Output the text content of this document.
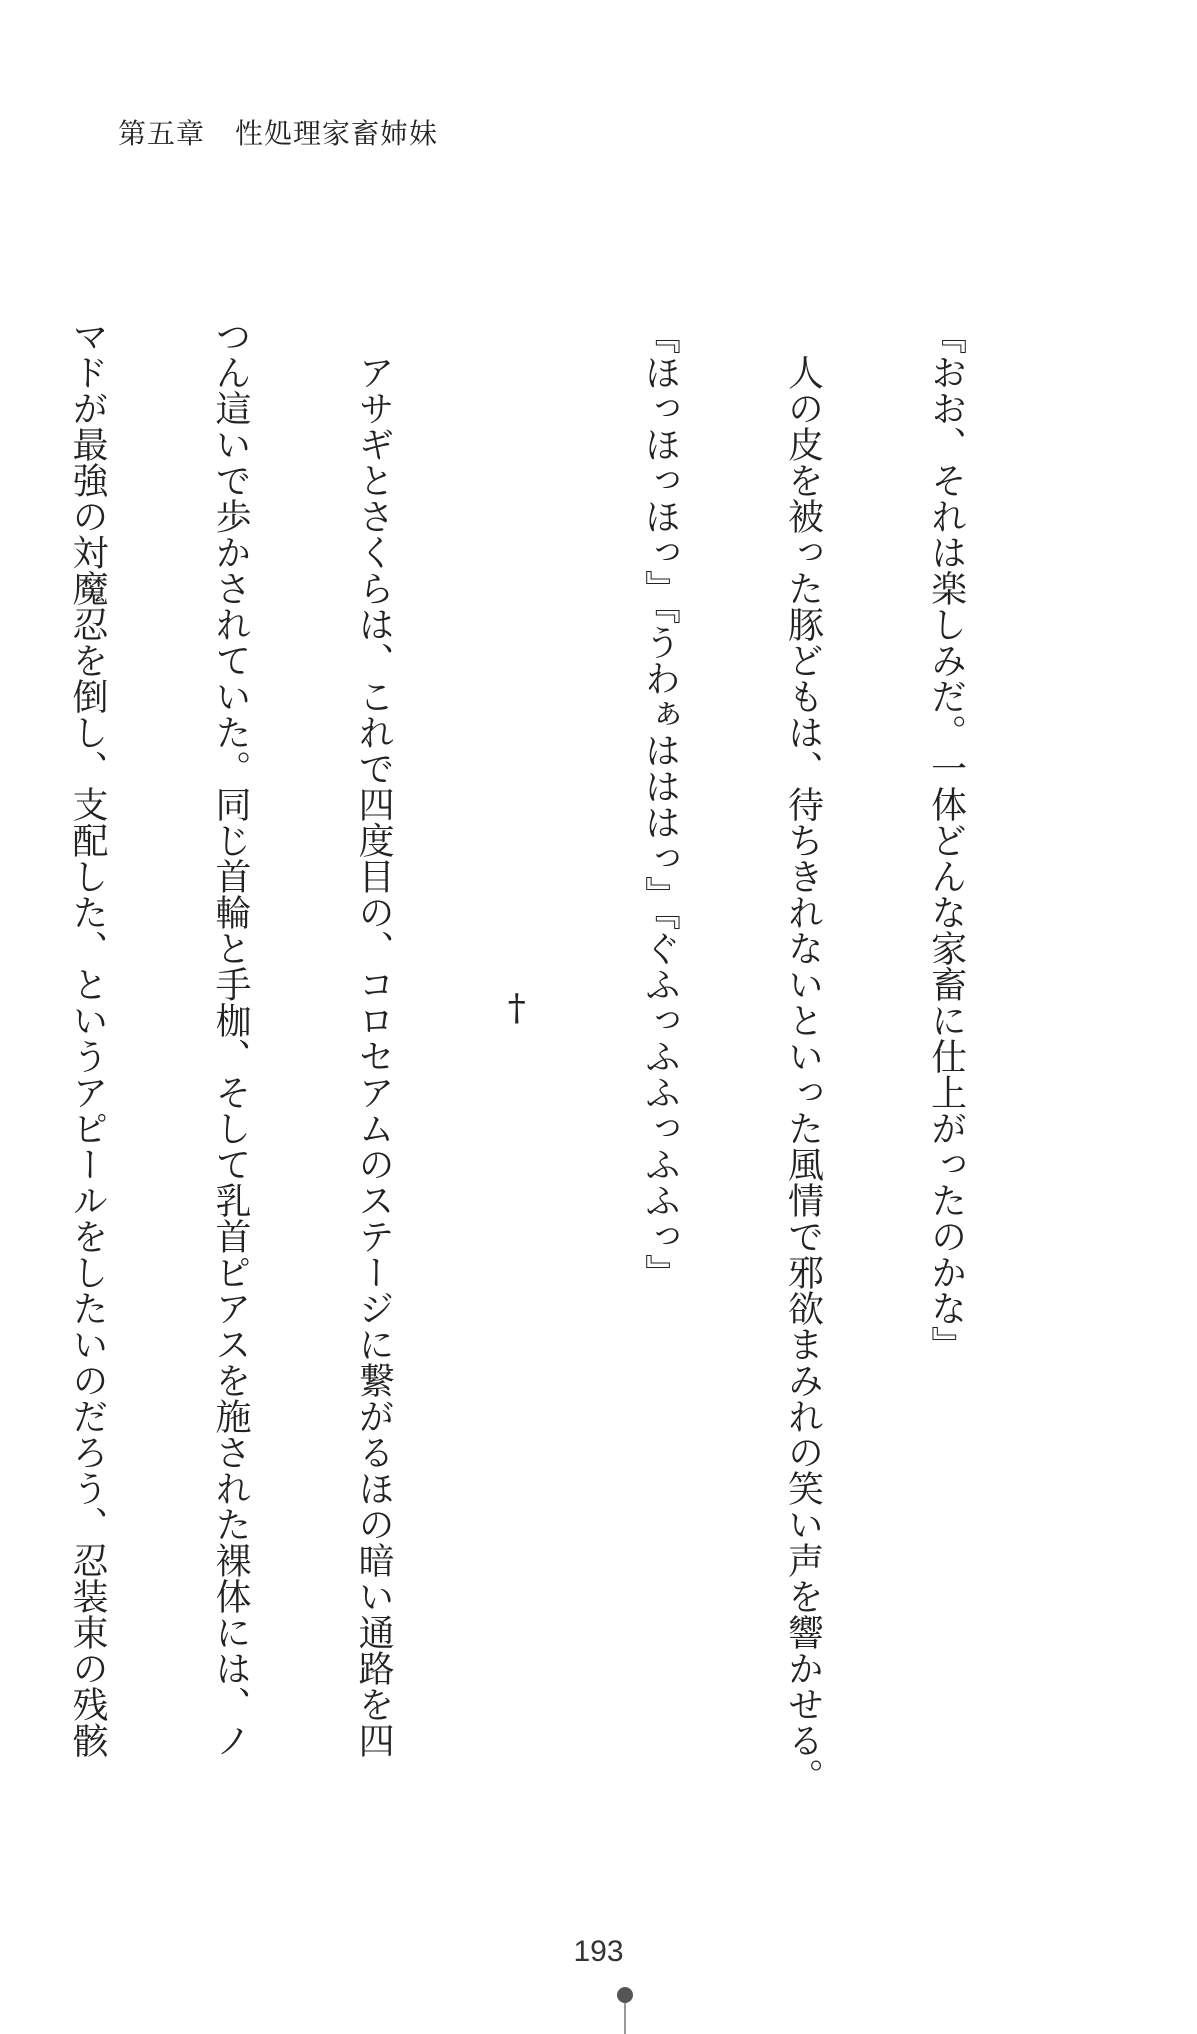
第五章 性処理家畜姉妹

『おお、それは楽しみだ。一体どんな家畜に仕上がったのかな』

　人の皮を被った豚どもは、待ちきれないといった風情で邪欲まみれの笑い声を響かせる。

『ほっほっほっ』『うわぁはははっ』『ぐふっふふっふふっ』

†

　アサギとさくらは、これで四度目の、コロセアムのステージに繋がるほの暗い通路を四

つん這いで歩かされていた。同じ首輪と手枷、そして乳首ピアスを施された裸体には、ノ

マドが最強の対魔忍を倒し、支配した、というアピールをしたいのだろう、忍装束の残骸

193
